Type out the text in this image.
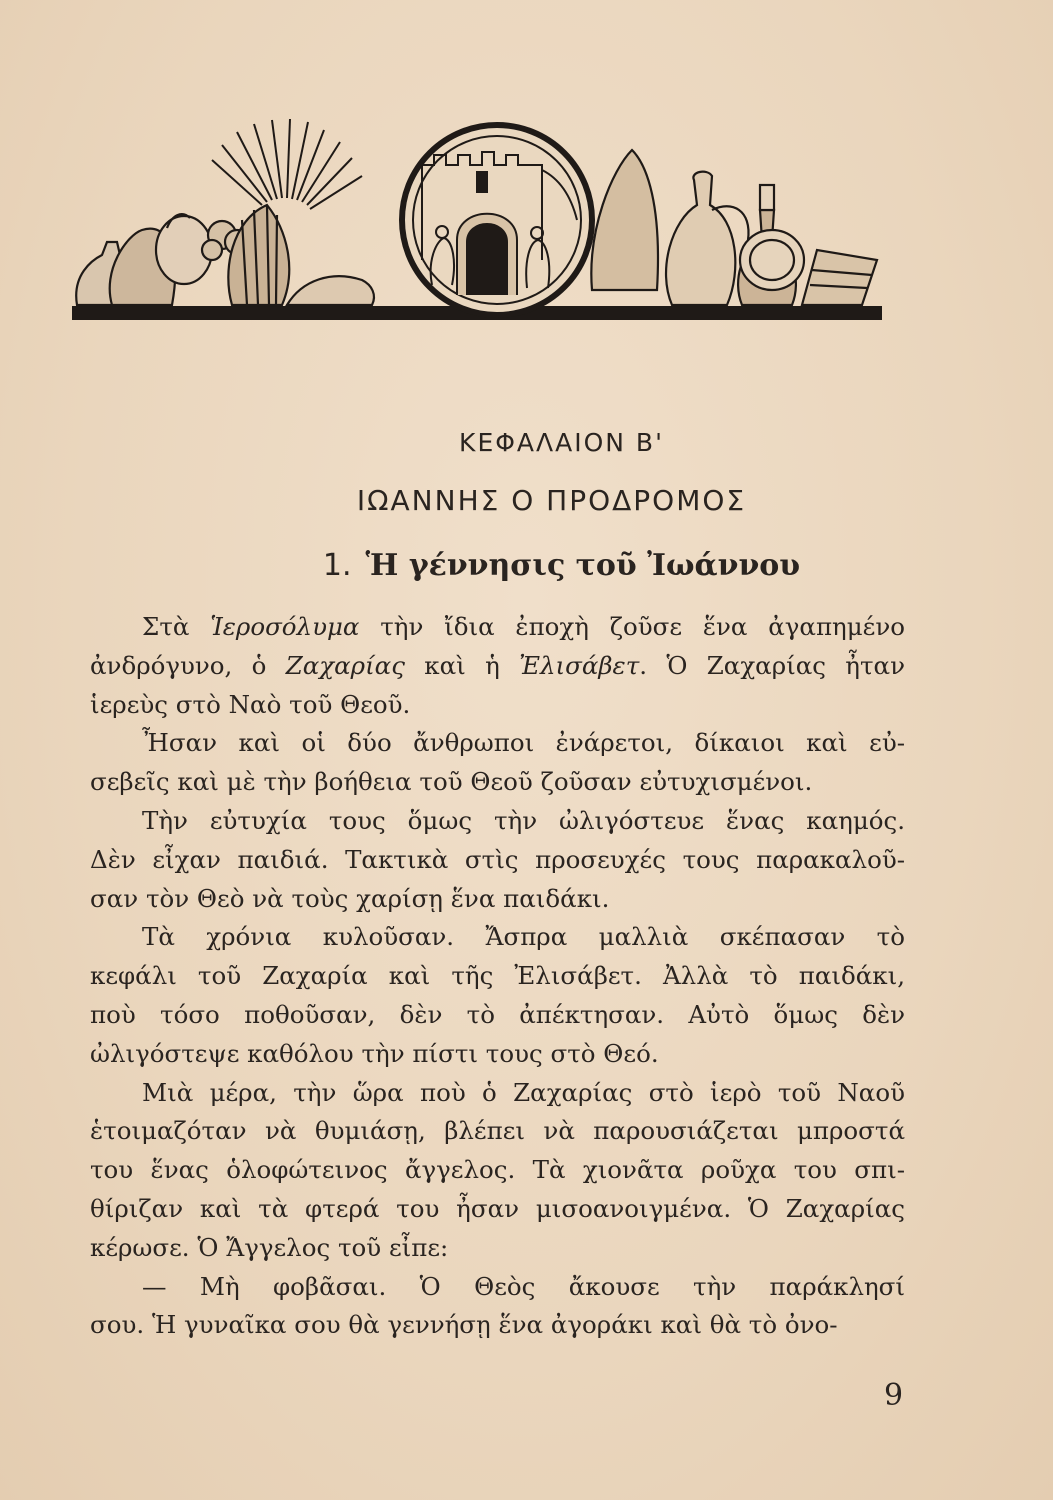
ΚΕΦΑΛΑΙΟΝ Β'
ΙΩΑΝΝΗΣ Ο ΠΡΟΔΡΟΜΟΣ
1. Ἡ γέννησις τοῦ Ἰωάννου
Στὰ Ἱεροσόλυμα τὴν ἴδια ἐποχὴ ζοῦσε ἕνα ἀγαπημένο
ἀνδρόγυνο, ὁ Ζαχαρίας καὶ ἡ Ἐλισάβετ. Ὁ Ζαχαρίας ἦταν
ἱερεὺς στὸ Ναὸ τοῦ Θεοῦ.
Ἦσαν καὶ οἱ δύο ἄνθρωποι ἐνάρετοι, δίκαιοι καὶ εὐ-
σεβεῖς καὶ μὲ τὴν βοήθεια τοῦ Θεοῦ ζοῦσαν εὐτυχισμένοι.
Τὴν εὐτυχία τους ὅμως τὴν ὠλιγόστευε ἕνας καημός.
Δὲν εἶχαν παιδιά. Τακτικὰ στὶς προσευχές τους παρακαλοῦ-
σαν τὸν Θεὸ νὰ τοὺς χαρίσῃ ἕνα παιδάκι.
Τὰ χρόνια κυλοῦσαν. Ἄσπρα μαλλιὰ σκέπασαν τὸ
κεφάλι τοῦ Ζαχαρία καὶ τῆς Ἐλισάβετ. Ἀλλὰ τὸ παιδάκι,
ποὺ τόσο ποθοῦσαν, δὲν τὸ ἀπέκτησαν. Αὐτὸ ὅμως δὲν
ὠλιγόστεψε καθόλου τὴν πίστι τους στὸ Θεό.
Μιὰ μέρα, τὴν ὥρα ποὺ ὁ Ζαχαρίας στὸ ἱερὸ τοῦ Ναοῦ
ἑτοιμαζόταν νὰ θυμιάσῃ, βλέπει νὰ παρουσιάζεται μπροστά
του ἕνας ὁλοφώτεινος ἄγγελος. Τὰ χιονᾶτα ροῦχα του σπι-
θίριζαν καὶ τὰ φτερά του ἦσαν μισοανοιγμένα. Ὁ Ζαχαρίας
κέρωσε. Ὁ Ἄγγελος τοῦ εἶπε:
— Μὴ φοβᾶσαι. Ὁ Θεὸς ἄκουσε τὴν παράκλησί
σου. Ἡ γυναῖκα σου θὰ γεννήσῃ ἕνα ἀγοράκι καὶ θὰ τὸ ὀνο-
9
